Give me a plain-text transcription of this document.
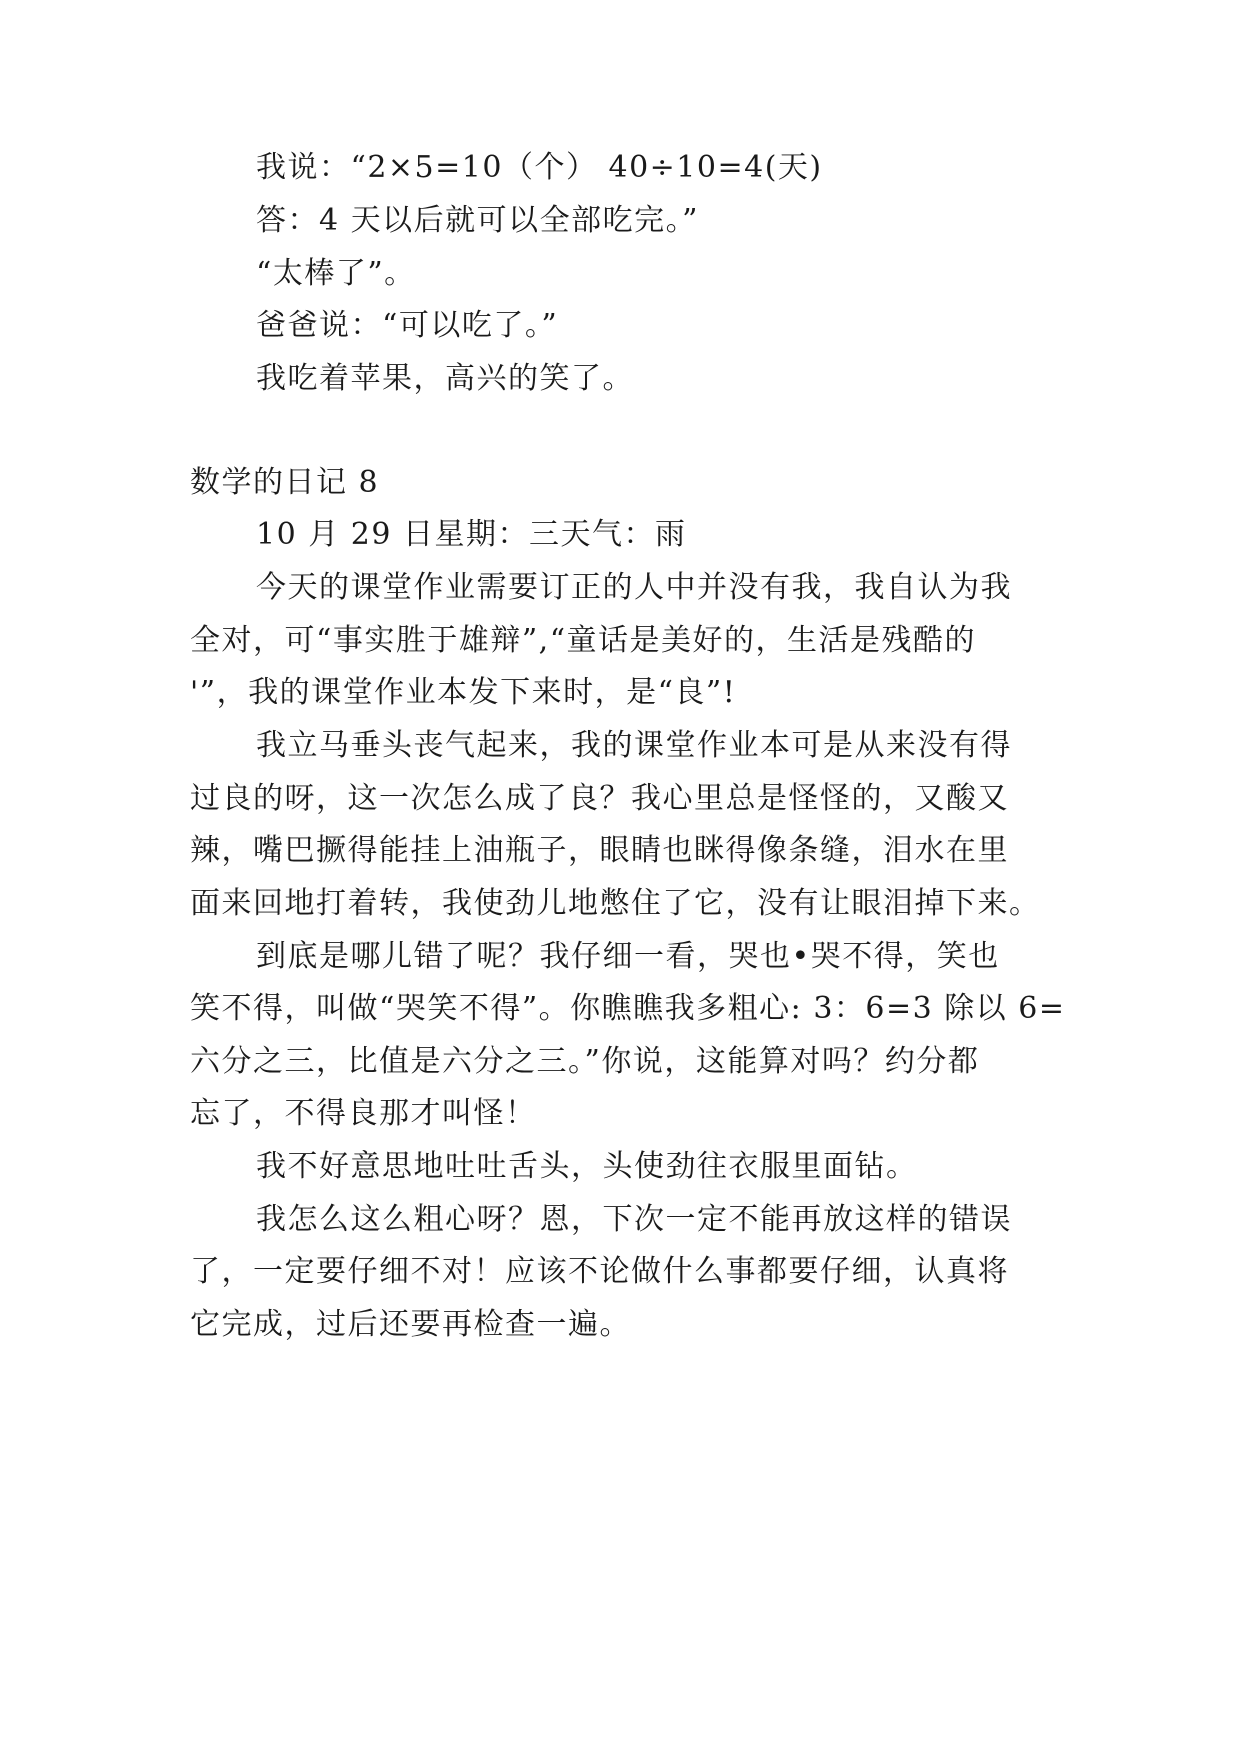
我说：“2×5=10（个） 40÷10=4(天)
答：4 天以后就可以全部吃完。”
“太棒了”。
爸爸说：“可以吃了。”
我吃着苹果，高兴的笑了。
数学的日记 8
10 月 29 日星期：三天气：雨
今天的课堂作业需要订正的人中并没有我，我自认为我
全对，可“事实胜于雄辩”,“童话是美好的，生活是残酷的
'”，我的课堂作业本发下来时，是“良”!
我立马垂头丧气起来，我的课堂作业本可是从来没有得
过良的呀，这一次怎么成了良？我心里总是怪怪的，又酸又
辣，嘴巴撅得能挂上油瓶子，眼睛也眯得像条缝，泪水在里
面来回地打着转，我使劲儿地憋住了它，没有让眼泪掉下来。
到底是哪儿错了呢？我仔细一看，哭也•哭不得，笑也
笑不得，叫做“哭笑不得”。你瞧瞧我多粗心: 3：6=3 除以 6=
六分之三，比值是六分之三。”你说，这能算对吗？约分都
忘了，不得良那才叫怪！
我不好意思地吐吐舌头，头使劲往衣服里面钻。
我怎么这么粗心呀？恩，下次一定不能再放这样的错误
了，一定要仔细不对！应该不论做什么事都要仔细，认真将
它完成，过后还要再检查一遍。
